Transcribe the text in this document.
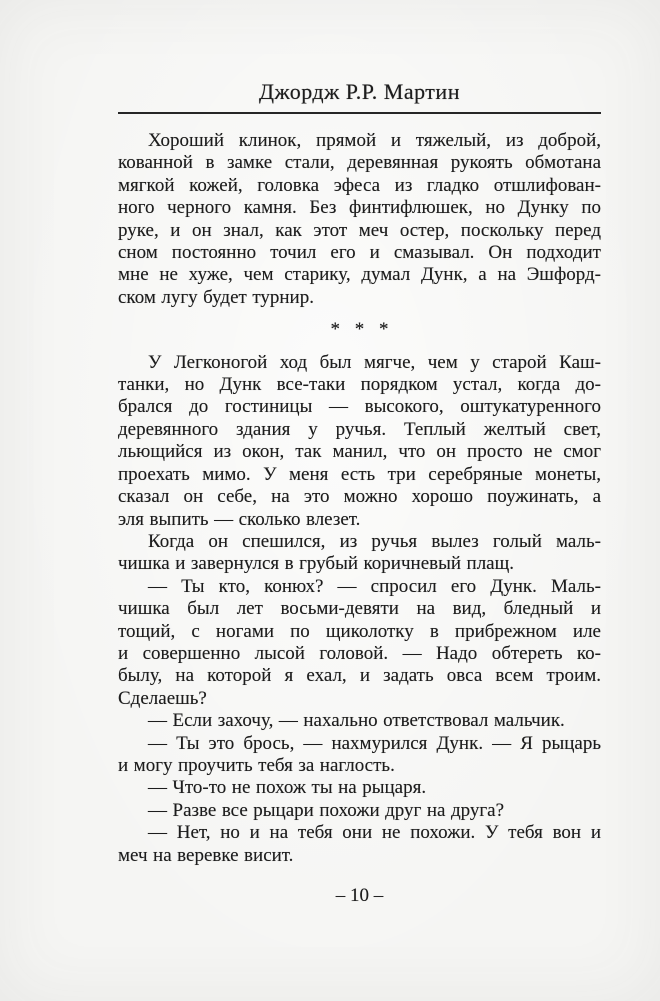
Джордж Р.Р. Мартин
Хороший клинок, прямой и тяжелый, из доброй,
кованной в замке стали, деревянная рукоять обмотана
мягкой кожей, головка эфеса из гладко отшлифован-
ного черного камня. Без финтифлюшек, но Дунку по
руке, и он знал, как этот меч остер, поскольку перед
сном постоянно точил его и смазывал. Он подходит
мне не хуже, чем старику, думал Дунк, а на Эшфорд-
ском лугу будет турнир.
* * *
У Легконогой ход был мягче, чем у старой Каш-
танки, но Дунк все-таки порядком устал, когда до-
брался до гостиницы — высокого, оштукатуренного
деревянного здания у ручья. Теплый желтый свет,
льющийся из окон, так манил, что он просто не смог
проехать мимо. У меня есть три серебряные монеты,
сказал он себе, на это можно хорошо поужинать, а
эля выпить — сколько влезет.
Когда он спешился, из ручья вылез голый маль-
чишка и завернулся в грубый коричневый плащ.
— Ты кто, конюх? — спросил его Дунк. Маль-
чишка был лет восьми-девяти на вид, бледный и
тощий, с ногами по щиколотку в прибрежном иле
и совершенно лысой головой. — Надо обтереть ко-
былу, на которой я ехал, и задать овса всем троим.
Сделаешь?
— Если захочу, — нахально ответствовал мальчик.
— Ты это брось, — нахмурился Дунк. — Я рыцарь
и могу проучить тебя за наглость.
— Что-то не похож ты на рыцаря.
— Разве все рыцари похожи друг на друга?
— Нет, но и на тебя они не похожи. У тебя вон и
меч на веревке висит.
– 10 –
